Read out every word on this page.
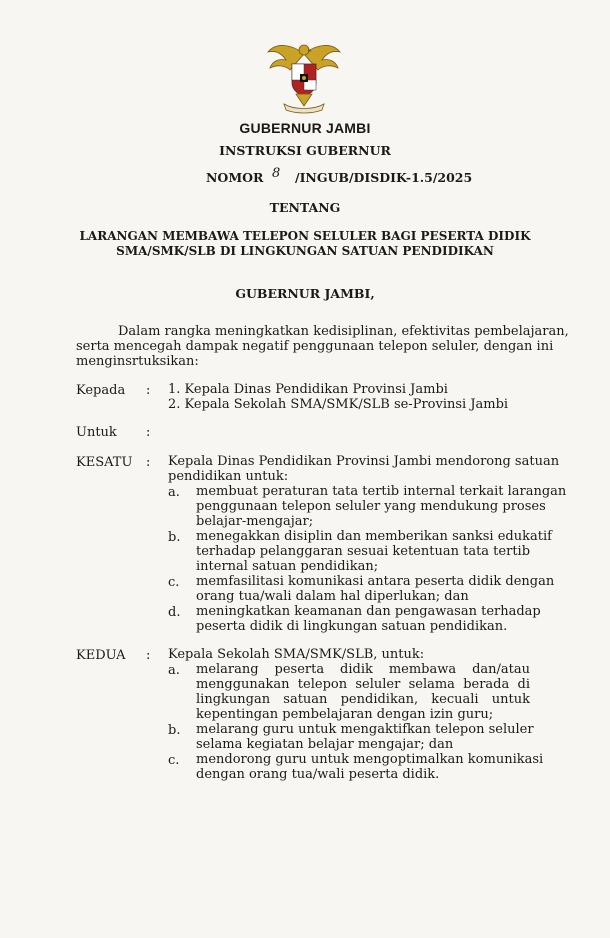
GUBERNUR JAMBI
INSTRUKSI GUBERNUR
NOMOR 8 /INGUB/DISDIK-1.5/2025
TENTANG
LARANGAN MEMBAWA TELEPON SELULER BAGI PESERTA DIDIK
SMA/SMK/SLB DI LINGKUNGAN SATUAN PENDIDIKAN
GUBERNUR JAMBI,
Dalam rangka meningkatkan kedisiplinan, efektivitas pembelajaran,
serta mencegah dampak negatif penggunaan telepon seluler, dengan ini
menginsrtuksikan:
Kepada : 1. Kepala Dinas Pendidikan Provinsi Jambi
2. Kepala Sekolah SMA/SMK/SLB se-Provinsi Jambi
Untuk :
KESATU : Kepala Dinas Pendidikan Provinsi Jambi mendorong satuan
pendidikan untuk:
a. membuat peraturan tata tertib internal terkait larangan
penggunaan telepon seluler yang mendukung proses
belajar-mengajar;
b. menegakkan disiplin dan memberikan sanksi edukatif
terhadap pelanggaran sesuai ketentuan tata tertib
internal satuan pendidikan;
c. memfasilitasi komunikasi antara peserta didik dengan
orang tua/wali dalam hal diperlukan; dan
d. meningkatkan keamanan dan pengawasan terhadap
peserta didik di lingkungan satuan pendidikan.
KEDUA : Kepala Sekolah SMA/SMK/SLB, untuk:
a. melarang peserta didik membawa dan/atau
menggunakan telepon seluler selama berada di
lingkungan satuan pendidikan, kecuali untuk
kepentingan pembelajaran dengan izin guru;
b. melarang guru untuk mengaktifkan telepon seluler
selama kegiatan belajar mengajar; dan
c. mendorong guru untuk mengoptimalkan komunikasi
dengan orang tua/wali peserta didik.
